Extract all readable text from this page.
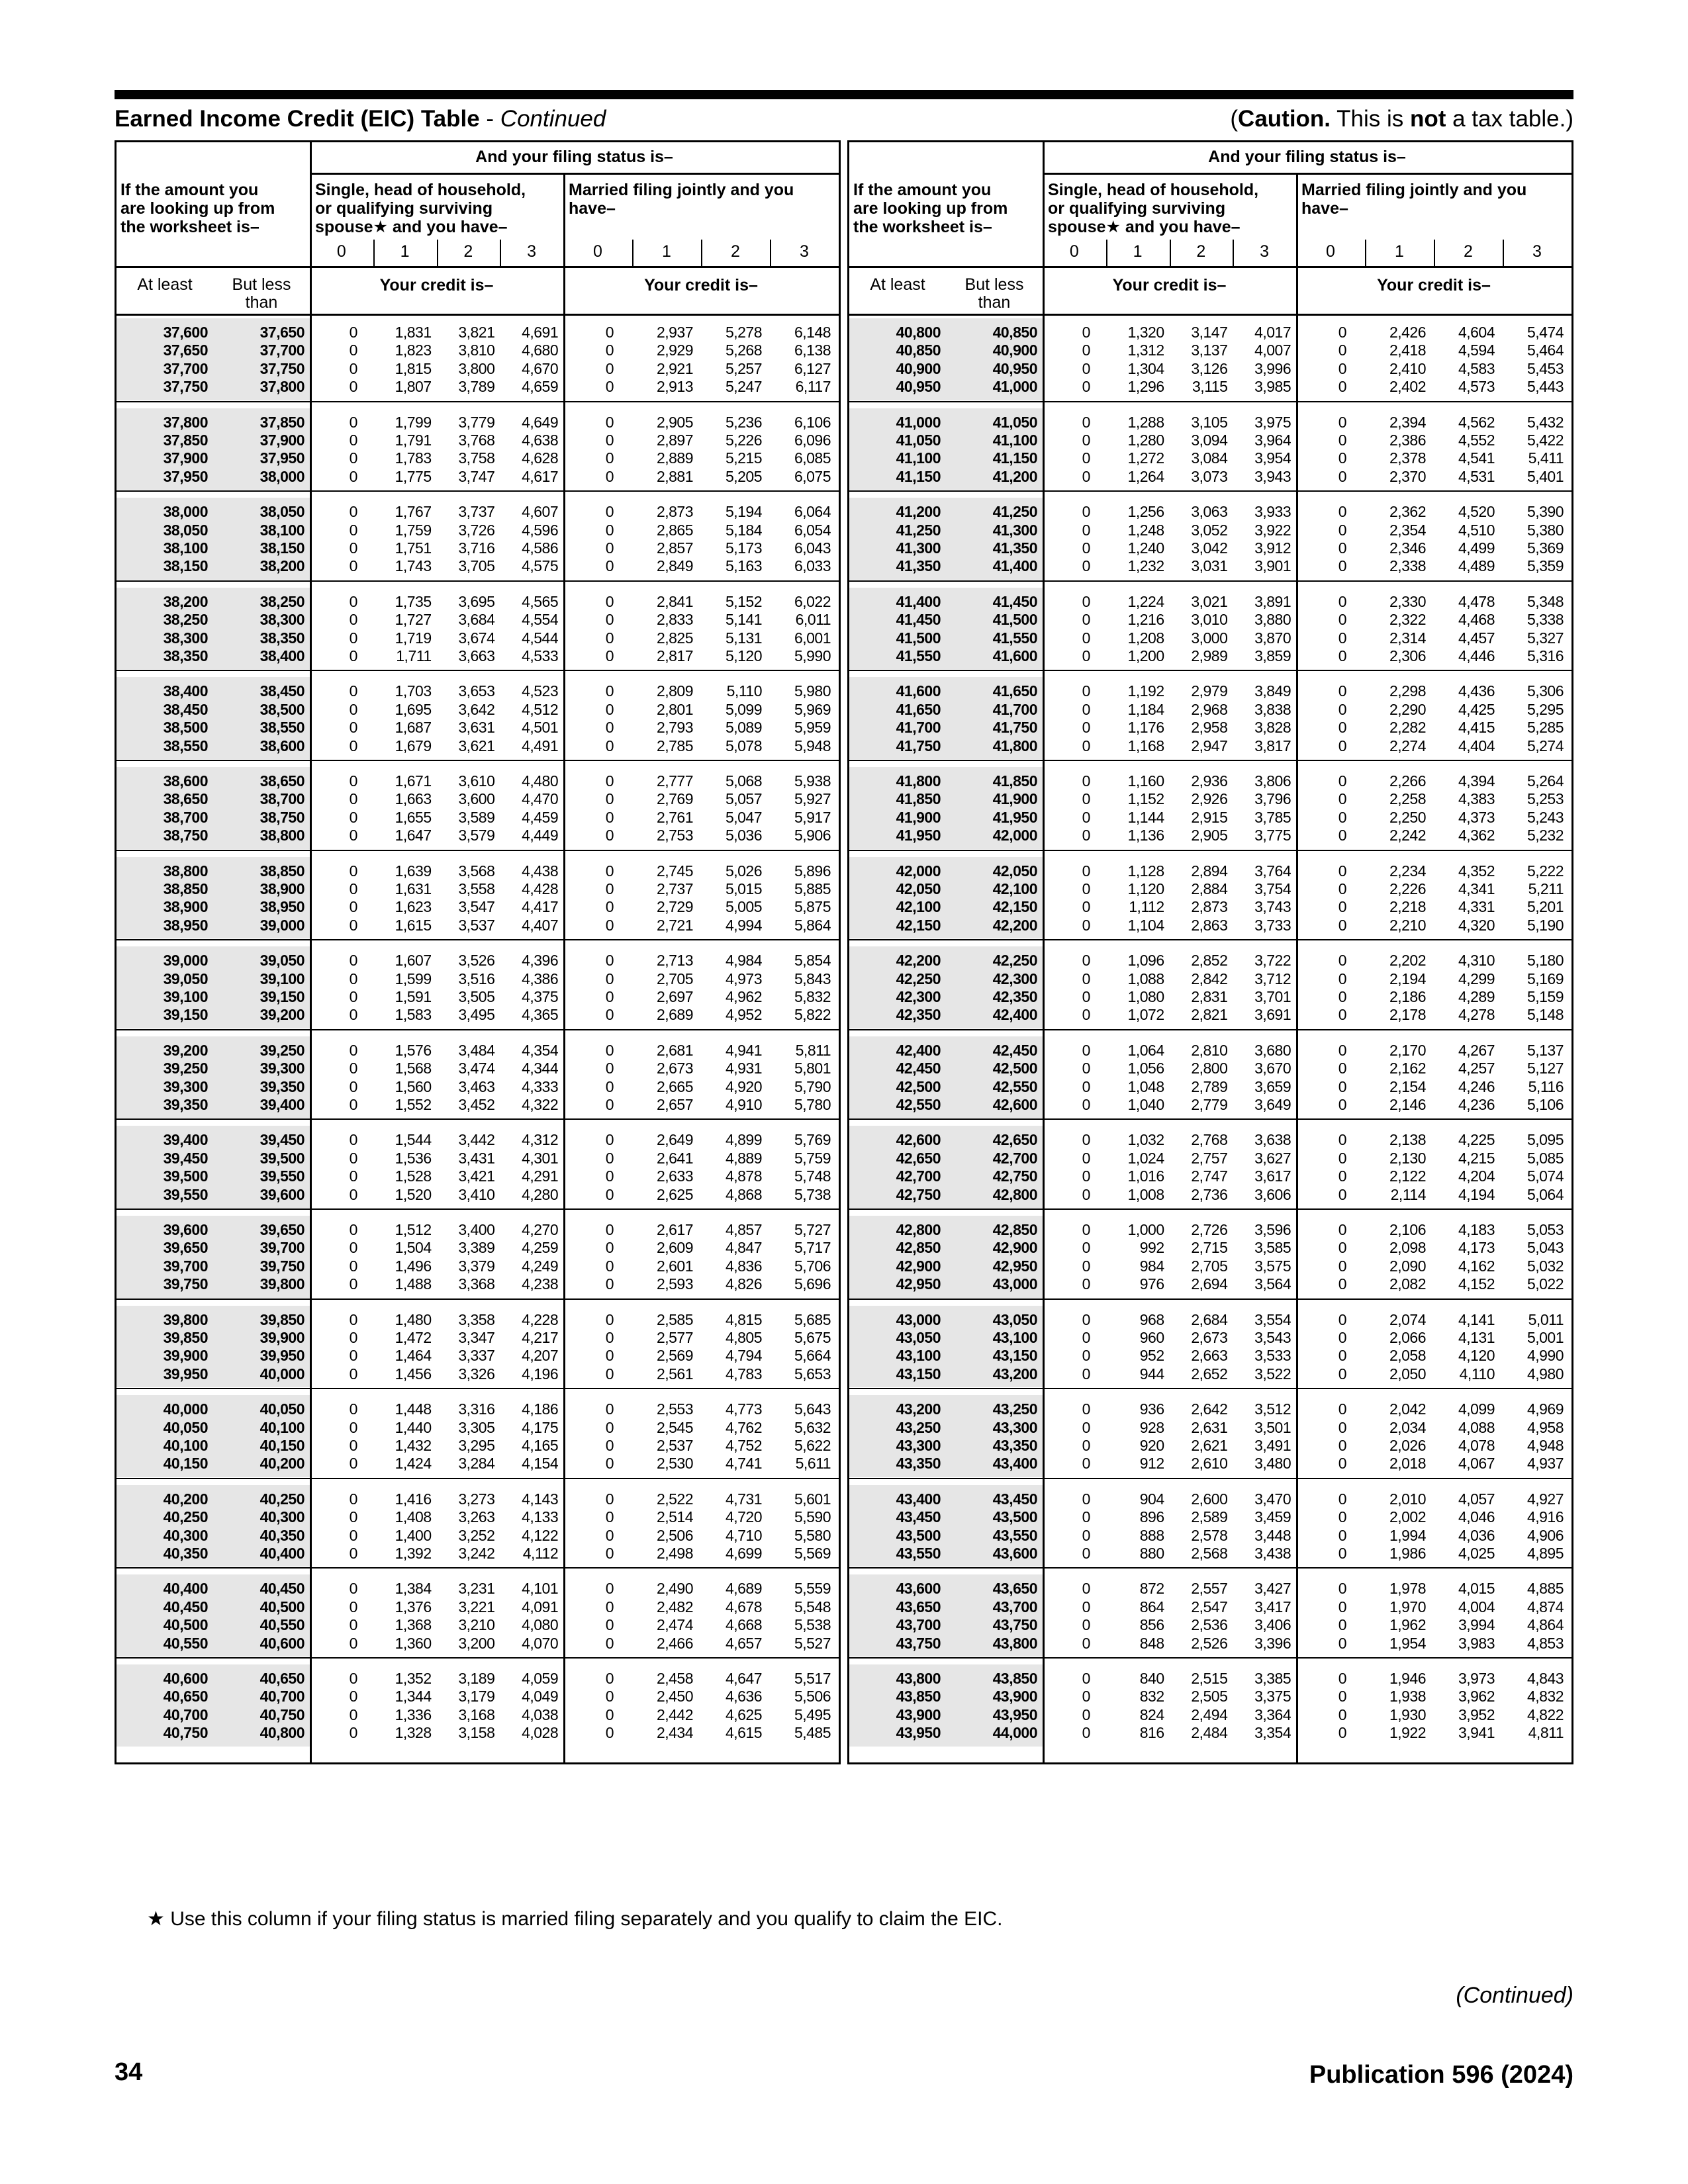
Earned Income Credit (EIC) Table - Continued	(Caution. This is not a tax table.)
And your filing status is–
If the amount you
are looking up from
the worksheet is–
Single, head of household,
or qualifying surviving
spouse★ and you have–
Married filing jointly and you
have–
0	1	2	3	0	1	2	3
At least	But less
than
Your credit is–	Your credit is–
37,600	37,650	0	1,831	3,821	4,691	0	2,937	5,278	6,148
37,650	37,700	0	1,823	3,810	4,680	0	2,929	5,268	6,138
37,700	37,750	0	1,815	3,800	4,670	0	2,921	5,257	6,127
37,750	37,800	0	1,807	3,789	4,659	0	2,913	5,247	6,117
37,800	37,850	0	1,799	3,779	4,649	0	2,905	5,236	6,106
37,850	37,900	0	1,791	3,768	4,638	0	2,897	5,226	6,096
37,900	37,950	0	1,783	3,758	4,628	0	2,889	5,215	6,085
37,950	38,000	0	1,775	3,747	4,617	0	2,881	5,205	6,075
38,000	38,050	0	1,767	3,737	4,607	0	2,873	5,194	6,064
38,050	38,100	0	1,759	3,726	4,596	0	2,865	5,184	6,054
38,100	38,150	0	1,751	3,716	4,586	0	2,857	5,173	6,043
38,150	38,200	0	1,743	3,705	4,575	0	2,849	5,163	6,033
38,200	38,250	0	1,735	3,695	4,565	0	2,841	5,152	6,022
38,250	38,300	0	1,727	3,684	4,554	0	2,833	5,141	6,011
38,300	38,350	0	1,719	3,674	4,544	0	2,825	5,131	6,001
38,350	38,400	0	1,711	3,663	4,533	0	2,817	5,120	5,990
38,400	38,450	0	1,703	3,653	4,523	0	2,809	5,110	5,980
38,450	38,500	0	1,695	3,642	4,512	0	2,801	5,099	5,969
38,500	38,550	0	1,687	3,631	4,501	0	2,793	5,089	5,959
38,550	38,600	0	1,679	3,621	4,491	0	2,785	5,078	5,948
38,600	38,650	0	1,671	3,610	4,480	0	2,777	5,068	5,938
38,650	38,700	0	1,663	3,600	4,470	0	2,769	5,057	5,927
38,700	38,750	0	1,655	3,589	4,459	0	2,761	5,047	5,917
38,750	38,800	0	1,647	3,579	4,449	0	2,753	5,036	5,906
38,800	38,850	0	1,639	3,568	4,438	0	2,745	5,026	5,896
38,850	38,900	0	1,631	3,558	4,428	0	2,737	5,015	5,885
38,900	38,950	0	1,623	3,547	4,417	0	2,729	5,005	5,875
38,950	39,000	0	1,615	3,537	4,407	0	2,721	4,994	5,864
39,000	39,050	0	1,607	3,526	4,396	0	2,713	4,984	5,854
39,050	39,100	0	1,599	3,516	4,386	0	2,705	4,973	5,843
39,100	39,150	0	1,591	3,505	4,375	0	2,697	4,962	5,832
39,150	39,200	0	1,583	3,495	4,365	0	2,689	4,952	5,822
39,200	39,250	0	1,576	3,484	4,354	0	2,681	4,941	5,811
39,250	39,300	0	1,568	3,474	4,344	0	2,673	4,931	5,801
39,300	39,350	0	1,560	3,463	4,333	0	2,665	4,920	5,790
39,350	39,400	0	1,552	3,452	4,322	0	2,657	4,910	5,780
39,400	39,450	0	1,544	3,442	4,312	0	2,649	4,899	5,769
39,450	39,500	0	1,536	3,431	4,301	0	2,641	4,889	5,759
39,500	39,550	0	1,528	3,421	4,291	0	2,633	4,878	5,748
39,550	39,600	0	1,520	3,410	4,280	0	2,625	4,868	5,738
39,600	39,650	0	1,512	3,400	4,270	0	2,617	4,857	5,727
39,650	39,700	0	1,504	3,389	4,259	0	2,609	4,847	5,717
39,700	39,750	0	1,496	3,379	4,249	0	2,601	4,836	5,706
39,750	39,800	0	1,488	3,368	4,238	0	2,593	4,826	5,696
39,800	39,850	0	1,480	3,358	4,228	0	2,585	4,815	5,685
39,850	39,900	0	1,472	3,347	4,217	0	2,577	4,805	5,675
39,900	39,950	0	1,464	3,337	4,207	0	2,569	4,794	5,664
39,950	40,000	0	1,456	3,326	4,196	0	2,561	4,783	5,653
40,000	40,050	0	1,448	3,316	4,186	0	2,553	4,773	5,643
40,050	40,100	0	1,440	3,305	4,175	0	2,545	4,762	5,632
40,100	40,150	0	1,432	3,295	4,165	0	2,537	4,752	5,622
40,150	40,200	0	1,424	3,284	4,154	0	2,530	4,741	5,611
40,200	40,250	0	1,416	3,273	4,143	0	2,522	4,731	5,601
40,250	40,300	0	1,408	3,263	4,133	0	2,514	4,720	5,590
40,300	40,350	0	1,400	3,252	4,122	0	2,506	4,710	5,580
40,350	40,400	0	1,392	3,242	4,112	0	2,498	4,699	5,569
40,400	40,450	0	1,384	3,231	4,101	0	2,490	4,689	5,559
40,450	40,500	0	1,376	3,221	4,091	0	2,482	4,678	5,548
40,500	40,550	0	1,368	3,210	4,080	0	2,474	4,668	5,538
40,550	40,600	0	1,360	3,200	4,070	0	2,466	4,657	5,527
40,600	40,650	0	1,352	3,189	4,059	0	2,458	4,647	5,517
40,650	40,700	0	1,344	3,179	4,049	0	2,450	4,636	5,506
40,700	40,750	0	1,336	3,168	4,038	0	2,442	4,625	5,495
40,750	40,800	0	1,328	3,158	4,028	0	2,434	4,615	5,485
And your filing status is–
If the amount you
are looking up from
the worksheet is–
Single, head of household,
or qualifying surviving
spouse★ and you have–
Married filing jointly and you
have–
0	1	2	3	0	1	2	3
At least	But less
than
Your credit is–	Your credit is–
40,800	40,850	0	1,320	3,147	4,017	0	2,426	4,604	5,474
40,850	40,900	0	1,312	3,137	4,007	0	2,418	4,594	5,464
40,900	40,950	0	1,304	3,126	3,996	0	2,410	4,583	5,453
40,950	41,000	0	1,296	3,115	3,985	0	2,402	4,573	5,443
41,000	41,050	0	1,288	3,105	3,975	0	2,394	4,562	5,432
41,050	41,100	0	1,280	3,094	3,964	0	2,386	4,552	5,422
41,100	41,150	0	1,272	3,084	3,954	0	2,378	4,541	5,411
41,150	41,200	0	1,264	3,073	3,943	0	2,370	4,531	5,401
41,200	41,250	0	1,256	3,063	3,933	0	2,362	4,520	5,390
41,250	41,300	0	1,248	3,052	3,922	0	2,354	4,510	5,380
41,300	41,350	0	1,240	3,042	3,912	0	2,346	4,499	5,369
41,350	41,400	0	1,232	3,031	3,901	0	2,338	4,489	5,359
41,400	41,450	0	1,224	3,021	3,891	0	2,330	4,478	5,348
41,450	41,500	0	1,216	3,010	3,880	0	2,322	4,468	5,338
41,500	41,550	0	1,208	3,000	3,870	0	2,314	4,457	5,327
41,550	41,600	0	1,200	2,989	3,859	0	2,306	4,446	5,316
41,600	41,650	0	1,192	2,979	3,849	0	2,298	4,436	5,306
41,650	41,700	0	1,184	2,968	3,838	0	2,290	4,425	5,295
41,700	41,750	0	1,176	2,958	3,828	0	2,282	4,415	5,285
41,750	41,800	0	1,168	2,947	3,817	0	2,274	4,404	5,274
41,800	41,850	0	1,160	2,936	3,806	0	2,266	4,394	5,264
41,850	41,900	0	1,152	2,926	3,796	0	2,258	4,383	5,253
41,900	41,950	0	1,144	2,915	3,785	0	2,250	4,373	5,243
41,950	42,000	0	1,136	2,905	3,775	0	2,242	4,362	5,232
42,000	42,050	0	1,128	2,894	3,764	0	2,234	4,352	5,222
42,050	42,100	0	1,120	2,884	3,754	0	2,226	4,341	5,211
42,100	42,150	0	1,112	2,873	3,743	0	2,218	4,331	5,201
42,150	42,200	0	1,104	2,863	3,733	0	2,210	4,320	5,190
42,200	42,250	0	1,096	2,852	3,722	0	2,202	4,310	5,180
42,250	42,300	0	1,088	2,842	3,712	0	2,194	4,299	5,169
42,300	42,350	0	1,080	2,831	3,701	0	2,186	4,289	5,159
42,350	42,400	0	1,072	2,821	3,691	0	2,178	4,278	5,148
42,400	42,450	0	1,064	2,810	3,680	0	2,170	4,267	5,137
42,450	42,500	0	1,056	2,800	3,670	0	2,162	4,257	5,127
42,500	42,550	0	1,048	2,789	3,659	0	2,154	4,246	5,116
42,550	42,600	0	1,040	2,779	3,649	0	2,146	4,236	5,106
42,600	42,650	0	1,032	2,768	3,638	0	2,138	4,225	5,095
42,650	42,700	0	1,024	2,757	3,627	0	2,130	4,215	5,085
42,700	42,750	0	1,016	2,747	3,617	0	2,122	4,204	5,074
42,750	42,800	0	1,008	2,736	3,606	0	2,114	4,194	5,064
42,800	42,850	0	1,000	2,726	3,596	0	2,106	4,183	5,053
42,850	42,900	0	992	2,715	3,585	0	2,098	4,173	5,043
42,900	42,950	0	984	2,705	3,575	0	2,090	4,162	5,032
42,950	43,000	0	976	2,694	3,564	0	2,082	4,152	5,022
43,000	43,050	0	968	2,684	3,554	0	2,074	4,141	5,011
43,050	43,100	0	960	2,673	3,543	0	2,066	4,131	5,001
43,100	43,150	0	952	2,663	3,533	0	2,058	4,120	4,990
43,150	43,200	0	944	2,652	3,522	0	2,050	4,110	4,980
43,200	43,250	0	936	2,642	3,512	0	2,042	4,099	4,969
43,250	43,300	0	928	2,631	3,501	0	2,034	4,088	4,958
43,300	43,350	0	920	2,621	3,491	0	2,026	4,078	4,948
43,350	43,400	0	912	2,610	3,480	0	2,018	4,067	4,937
43,400	43,450	0	904	2,600	3,470	0	2,010	4,057	4,927
43,450	43,500	0	896	2,589	3,459	0	2,002	4,046	4,916
43,500	43,550	0	888	2,578	3,448	0	1,994	4,036	4,906
43,550	43,600	0	880	2,568	3,438	0	1,986	4,025	4,895
43,600	43,650	0	872	2,557	3,427	0	1,978	4,015	4,885
43,650	43,700	0	864	2,547	3,417	0	1,970	4,004	4,874
43,700	43,750	0	856	2,536	3,406	0	1,962	3,994	4,864
43,750	43,800	0	848	2,526	3,396	0	1,954	3,983	4,853
43,800	43,850	0	840	2,515	3,385	0	1,946	3,973	4,843
43,850	43,900	0	832	2,505	3,375	0	1,938	3,962	4,832
43,900	43,950	0	824	2,494	3,364	0	1,930	3,952	4,822
43,950	44,000	0	816	2,484	3,354	0	1,922	3,941	4,811
★ Use this column if your filing status is married filing separately and you qualify to claim the EIC.
(Continued)
34	Publication 596 (2024)
